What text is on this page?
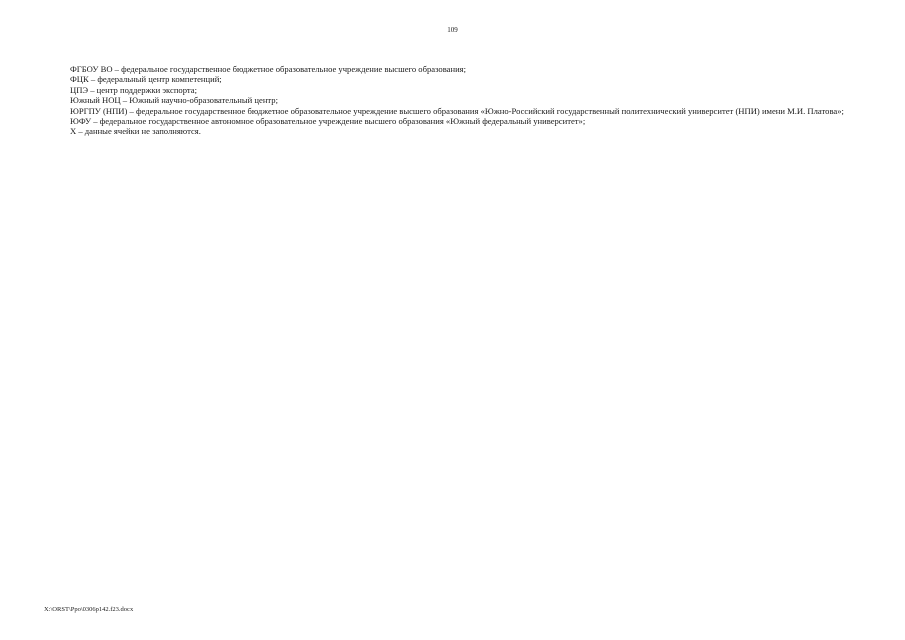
109

ФГБОУ ВО – федеральное государственное бюджетное образовательное учреждение высшего образования;

ФЦК – федеральный центр компетенций;

ЦПЭ – центр поддержки экспорта;

Южный НОЦ – Южный научно-образовательный центр;

ЮРГПУ (НПИ) – федеральное государственное бюджетное образовательное учреждение высшего образования «Южно-Российский государственный политехнический университет (НПИ) имени М.И. Платова»;

ЮФУ – федеральное государственное автономное образовательное учреждение высшего образования «Южный федеральный университет»;

Х – данные ячейки не заполняются.

X:\ORST\Ppo\0306p142.f23.docx
